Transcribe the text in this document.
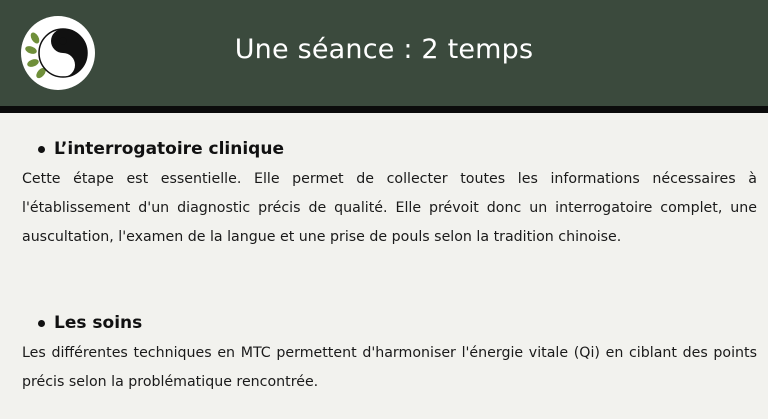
Une séance : 2 temps
L’interrogatoire clinique
Cette étape est essentielle. Elle permet de collecter toutes les informations nécessaires à l'établissement d'un diagnostic précis de qualité. Elle prévoit donc un interrogatoire complet, une auscultation, l'examen de la langue et une prise de pouls selon la tradition chinoise.
Les soins
Les différentes techniques en MTC permettent d'harmoniser l'énergie vitale (Qi) en ciblant des points précis selon la problématique rencontrée.
